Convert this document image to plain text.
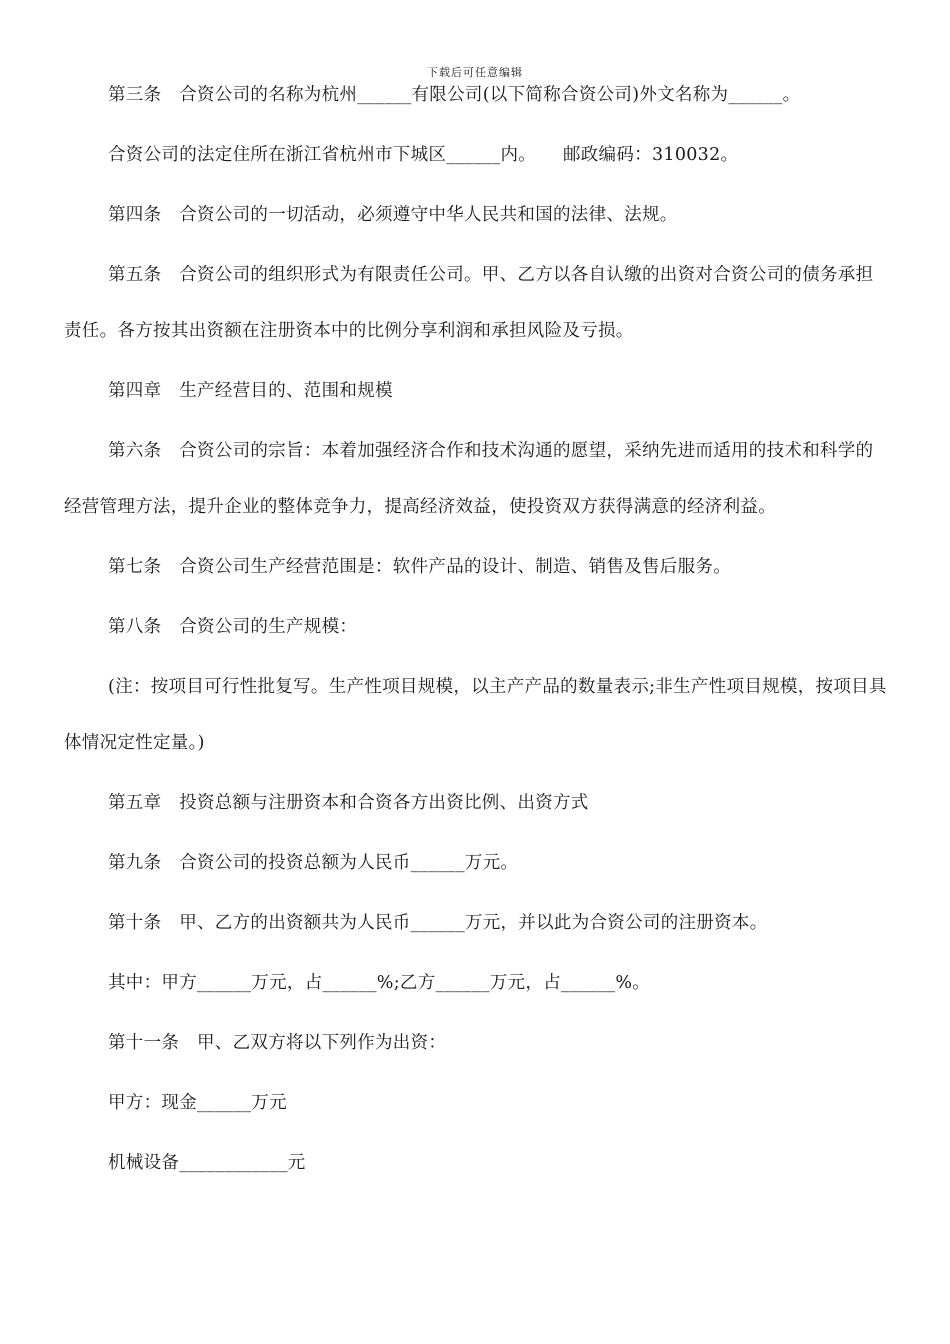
下载后可任意编辑

第三条　合资公司的名称为杭州______有限公司(以下简称合资公司)外文名称为______。

合资公司的法定住所在浙江省杭州市下城区______内。　　邮政编码：310032。

第四条　合资公司的一切活动，必须遵守中华人民共和国的法律、法规。

第五条　合资公司的组织形式为有限责任公司。甲、乙方以各自认缴的出资对合资公司的债务承担责任。各方按其出资额在注册资本中的比例分享利润和承担风险及亏损。

第四章　生产经营目的、范围和规模

第六条　合资公司的宗旨：本着加强经济合作和技术沟通的愿望，采纳先进而适用的技术和科学的经营管理方法，提升企业的整体竞争力，提高经济效益，使投资双方获得满意的经济利益。

第七条　合资公司生产经营范围是：软件产品的设计、制造、销售及售后服务。

第八条　合资公司的生产规模：

(注：按项目可行性批复写。生产性项目规模，以主产产品的数量表示;非生产性项目规模，按项目具体情况定性定量。)

第五章　投资总额与注册资本和合资各方出资比例、出资方式

第九条　合资公司的投资总额为人民币______万元。

第十条　甲、乙方的出资额共为人民币______万元，并以此为合资公司的注册资本。

其中：甲方______万元，占______%;乙方______万元，占______%。

第十一条　甲、乙双方将以下列作为出资：

甲方：现金______万元

机械设备____________元
